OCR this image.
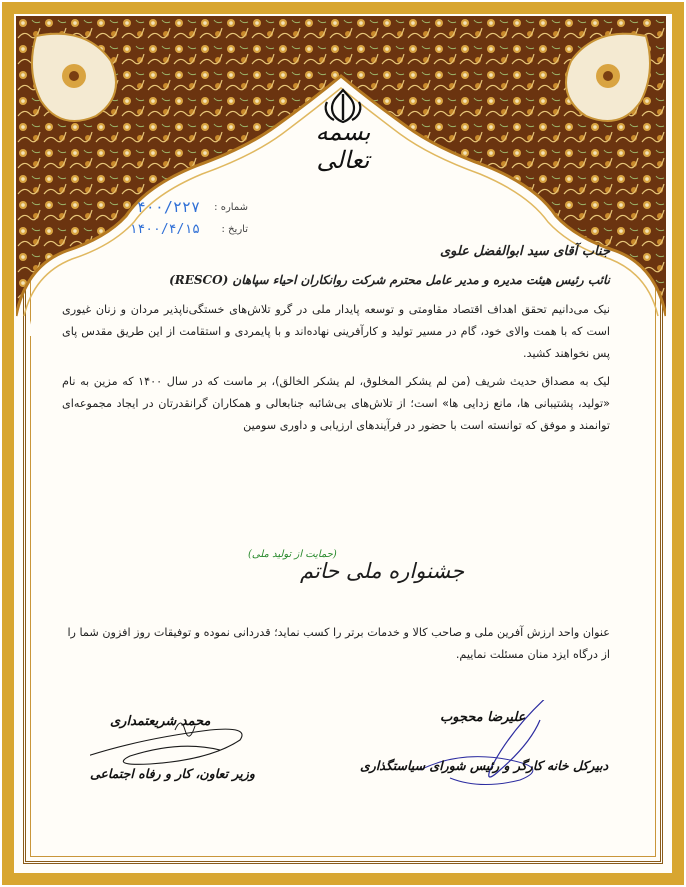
بسمه تعالی
شماره :
۴۰۰/۲۲۷
تاریخ :
۱۴۰۰/۴/۱۵
جناب آقای سید ابوالفضل علوی
نائب رئیس هیئت مدیره و مدیر عامل محترم شرکت روانکاران احیاء سپاهان (RESCO)
نیک می‌دانیم تحقق اهداف اقتصاد مقاومتی و توسعه پایدار ملی در گرو تلاش‌های خستگی‌ناپذیر مردان و زنان غیوری است که با همت والای خود، گام در مسیر تولید و کارآفرینی نهاده‌اند و با پایمردی و استقامت از این طریق مقدس پای پس نخواهند کشید.
لیک به مصداق حدیث شریف (من لم یشکر المخلوق، لم یشکر الخالق)، بر ماست که در سال ۱۴۰۰ که مزین به نام «تولید، پشتیبانی ها، مانع زدایی ها» است؛ از تلاش‌های بی‌شائبه جنابعالی و همکاران گرانقدرتان در ایجاد مجموعه‌ای توانمند و موفق که توانسته است با حضور در فرآیندهای ارزیابی و داوری سومین
(حمایت از تولید ملی)
جشنواره ملی حاتم
عنوان واحد ارزش آفرین ملی و صاحب کالا و خدمات برتر را کسب نماید؛ قدردانی نموده و توفیقات روز افزون شما را از درگاه ایزد منان مسئلت نماییم.
محمد شریعتمداری
وزیر تعاون، کار و رفاه اجتماعی
علیرضا محجوب
دبیرکل خانه کارگر و رئیس شورای سیاستگذاری
